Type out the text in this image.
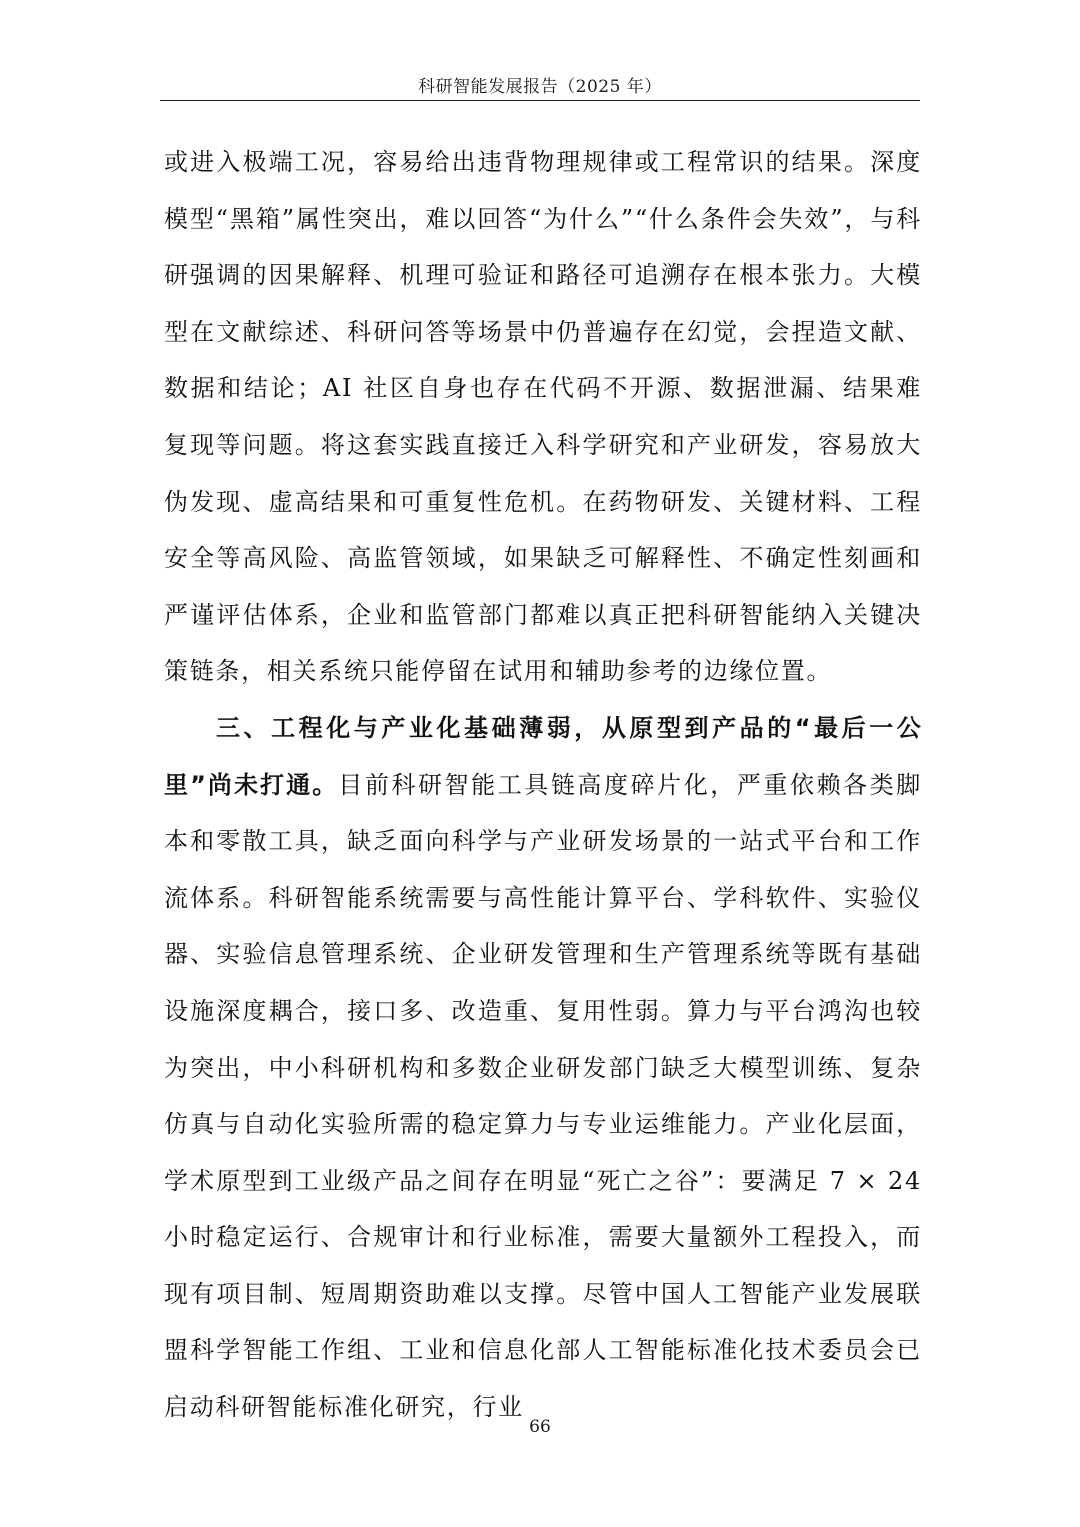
科研智能发展报告（2025 年）

或进入极端工况，容易给出违背物理规律或工程常识的结果。深度模型“黑箱”属性突出，难以回答“为什么”“什么条件会失效”，与科研强调的因果解释、机理可验证和路径可追溯存在根本张力。大模型在文献综述、科研问答等场景中仍普遍存在幻觉，会捏造文献、数据和结论；AI 社区自身也存在代码不开源、数据泄漏、结果难复现等问题。将这套实践直接迁入科学研究和产业研发，容易放大伪发现、虚高结果和可重复性危机。在药物研发、关键材料、工程安全等高风险、高监管领域，如果缺乏可解释性、不确定性刻画和严谨评估体系，企业和监管部门都难以真正把科研智能纳入关键决策链条，相关系统只能停留在试用和辅助参考的边缘位置。

三、工程化与产业化基础薄弱，从原型到产品的“最后一公里”尚未打通。目前科研智能工具链高度碎片化，严重依赖各类脚本和零散工具，缺乏面向科学与产业研发场景的一站式平台和工作流体系。科研智能系统需要与高性能计算平台、学科软件、实验仪器、实验信息管理系统、企业研发管理和生产管理系统等既有基础设施深度耦合，接口多、改造重、复用性弱。算力与平台鸿沟也较为突出，中小科研机构和多数企业研发部门缺乏大模型训练、复杂仿真与自动化实验所需的稳定算力与专业运维能力。产业化层面，学术原型到工业级产品之间存在明显“死亡之谷”：要满足 7 × 24 小时稳定运行、合规审计和行业标准，需要大量额外工程投入，而现有项目制、短周期资助难以支撑。尽管中国人工智能产业发展联盟科学智能工作组、工业和信息化部人工智能标准化技术委员会已启动科研智能标准化研究，行业

66
